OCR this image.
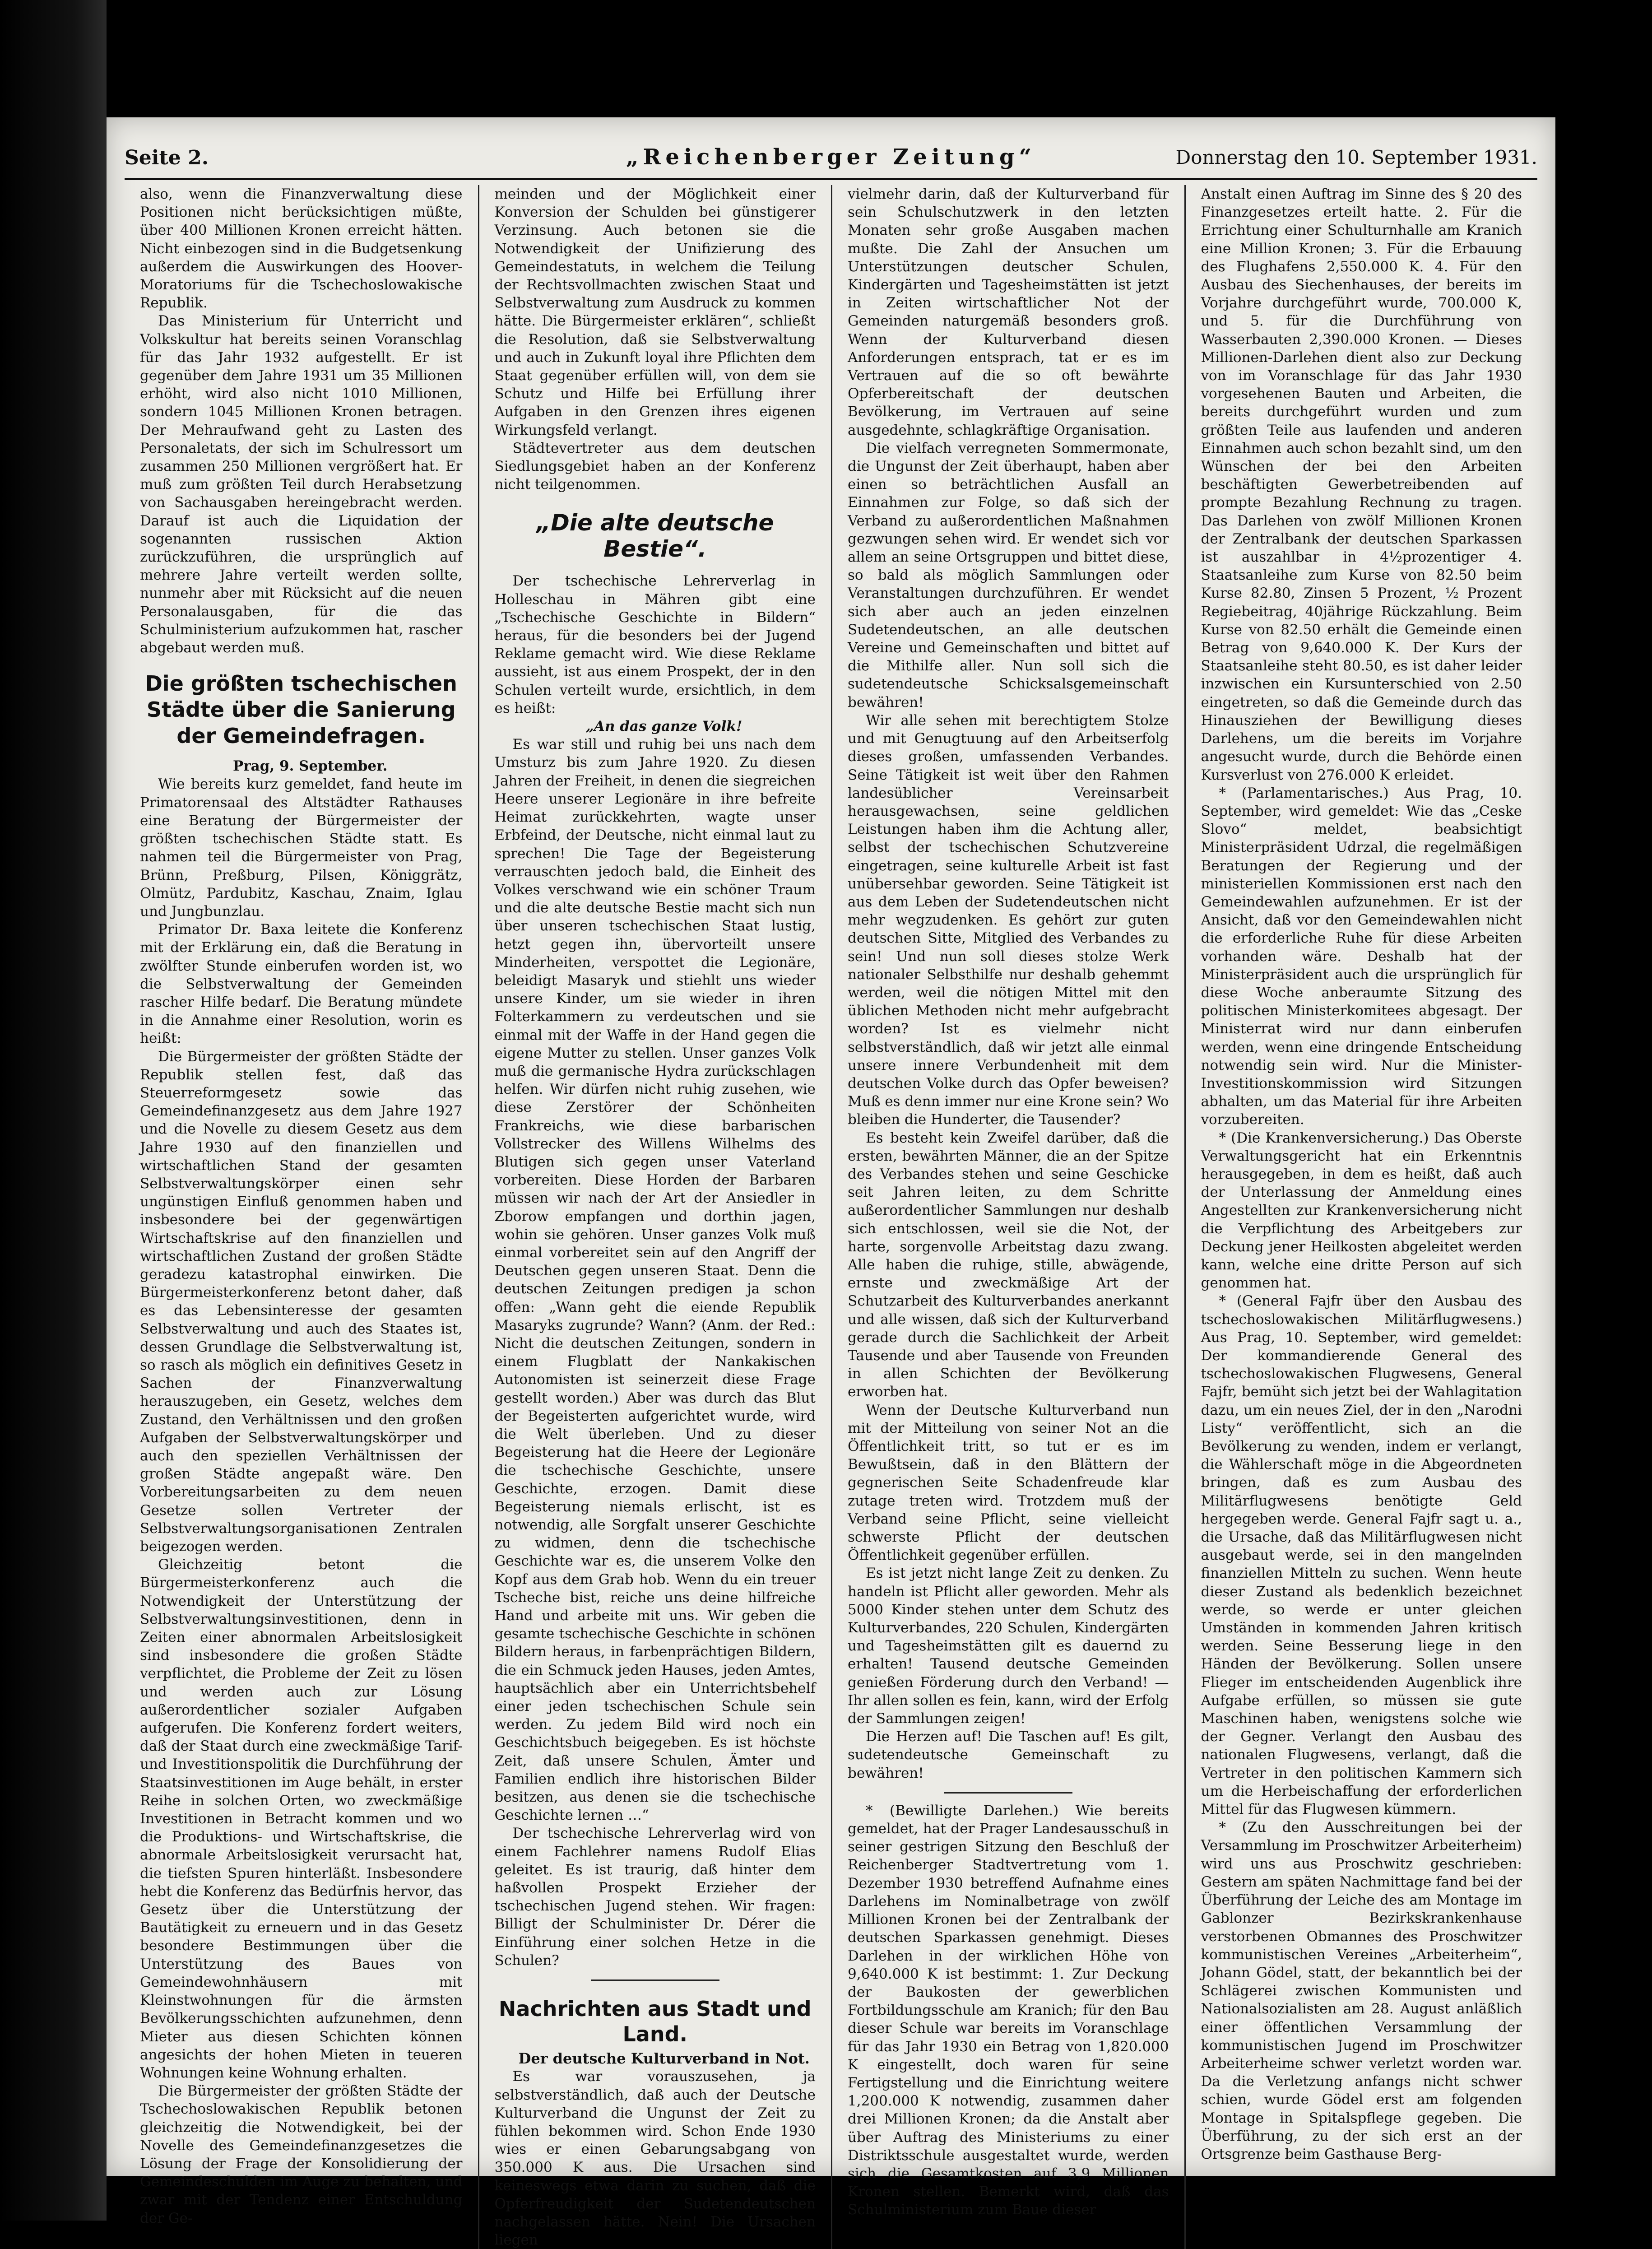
Seite 2.	„Reichenberger Zeitung“	Donnerstag den 10. September 1931.

also, wenn die Finanzverwaltung diese Positionen nicht berücksichtigen müßte, über 400 Millionen Kronen erreicht hätten. Nicht einbezogen sind in die Budgetsenkung außerdem die Auswirkungen des Hoover-Moratoriums für die Tschechoslowakische Republik.

Das Ministerium für Unterricht und Volkskultur hat bereits seinen Voranschlag für das Jahr 1932 aufgestellt. Er ist gegenüber dem Jahre 1931 um 35 Millionen erhöht, wird also nicht 1010 Millionen, sondern 1045 Millionen Kronen betragen. Der Mehraufwand geht zu Lasten des Personaletats, der sich im Schulressort um zusammen 250 Millionen vergrößert hat. Er muß zum größten Teil durch Herabsetzung von Sachausgaben hereingebracht werden. Darauf ist auch die Liquidation der sogenannten russischen Aktion zurückzuführen, die ursprünglich auf mehrere Jahre verteilt werden sollte, nunmehr aber mit Rücksicht auf die neuen Personalausgaben, für die das Schulministerium aufzukommen hat, rascher abgebaut werden muß.

Die größten tschechischen Städte über die Sanierung der Gemeindefragen.

Prag, 9. September.

Wie bereits kurz gemeldet, fand heute im Primatorensaal des Altstädter Rathauses eine Beratung der Bürgermeister der größten tschechischen Städte statt. Es nahmen teil die Bürgermeister von Prag, Brünn, Preßburg, Pilsen, Königgrätz, Olmütz, Pardubitz, Kaschau, Znaim, Iglau und Jungbunzlau.

Primator Dr. Baxa leitete die Konferenz mit der Erklärung ein, daß die Beratung in zwölfter Stunde einberufen worden ist, wo die Selbstverwaltung der Gemeinden rascher Hilfe bedarf. Die Beratung mündete in die Annahme einer Resolution, worin es heißt:

Die Bürgermeister der größten Städte der Republik stellen fest, daß das Steuerreformgesetz sowie das Gemeindefinanzgesetz aus dem Jahre 1927 und die Novelle zu diesem Gesetz aus dem Jahre 1930 auf den finanziellen und wirtschaftlichen Stand der gesamten Selbstverwaltungskörper einen sehr ungünstigen Einfluß genommen haben und insbesondere bei der gegenwärtigen Wirtschaftskrise auf den finanziellen und wirtschaftlichen Zustand der großen Städte geradezu katastrophal einwirken. Die Bürgermeisterkonferenz betont daher, daß es das Lebensinteresse der gesamten Selbstverwaltung und auch des Staates ist, dessen Grundlage die Selbstverwaltung ist, so rasch als möglich ein definitives Gesetz in Sachen der Finanzverwaltung herauszugeben, ein Gesetz, welches dem Zustand, den Verhältnissen und den großen Aufgaben der Selbstverwaltungskörper und auch den speziellen Verhältnissen der großen Städte angepaßt wäre. Den Vorbereitungsarbeiten zu dem neuen Gesetze sollen Vertreter der Selbstverwaltungsorganisationen Zentralen beigezogen werden.

Gleichzeitig betont die Bürgermeisterkonferenz auch die Notwendigkeit der Unterstützung der Selbstverwaltungsinvestitionen, denn in Zeiten einer abnormalen Arbeitslosigkeit sind insbesondere die großen Städte verpflichtet, die Probleme der Zeit zu lösen und werden auch zur Lösung außerordentlicher sozialer Aufgaben aufgerufen. Die Konferenz fordert weiters, daß der Staat durch eine zweckmäßige Tarif- und Investitionspolitik die Durchführung der Staatsinvestitionen im Auge behält, in erster Reihe in solchen Orten, wo zweckmäßige Investitionen in Betracht kommen und wo die Produktions- und Wirtschaftskrise, die abnormale Arbeitslosigkeit verursacht hat, die tiefsten Spuren hinterläßt. Insbesondere hebt die Konferenz das Bedürfnis hervor, das Gesetz über die Unterstützung der Bautätigkeit zu erneuern und in das Gesetz besondere Bestimmungen über die Unterstützung des Baues von Gemeindewohnhäusern mit Kleinstwohnungen für die ärmsten Bevölkerungsschichten aufzunehmen, denn Mieter aus diesen Schichten können angesichts der hohen Mieten in teueren Wohnungen keine Wohnung erhalten.

Die Bürgermeister der größten Städte der Tschechoslowakischen Republik betonen gleichzeitig die Notwendigkeit, bei der Novelle des Gemeindefinanzgesetzes die Lösung der Frage der Konsolidierung der Gemeindeschulden im Auge zu behalten, und zwar mit der Tendenz einer Entschuldung der Ge-

meinden und der Möglichkeit einer Konversion der Schulden bei günstigerer Verzinsung. Auch betonen sie die Notwendigkeit der Unifizierung des Gemeindestatuts, in welchem die Teilung der Rechtsvollmachten zwischen Staat und Selbstverwaltung zum Ausdruck zu kommen hätte. Die Bürgermeister erklären“, schließt die Resolution, daß sie Selbstverwaltung und auch in Zukunft loyal ihre Pflichten dem Staat gegenüber erfüllen will, von dem sie Schutz und Hilfe bei Erfüllung ihrer Aufgaben in den Grenzen ihres eigenen Wirkungsfeld verlangt.

Städtevertreter aus dem deutschen Siedlungsgebiet haben an der Konferenz nicht teilgenommen.

„Die alte deutsche Bestie“.

Der tschechische Lehrerverlag in Holleschau in Mähren gibt eine „Tschechische Geschichte in Bildern“ heraus, für die besonders bei der Jugend Reklame gemacht wird. Wie diese Reklame aussieht, ist aus einem Prospekt, der in den Schulen verteilt wurde, ersichtlich, in dem es heißt:

„An das ganze Volk!

Es war still und ruhig bei uns nach dem Umsturz bis zum Jahre 1920. Zu diesen Jahren der Freiheit, in denen die siegreichen Heere unserer Legionäre in ihre befreite Heimat zurückkehrten, wagte unser Erbfeind, der Deutsche, nicht einmal laut zu sprechen! Die Tage der Begeisterung verrauschten jedoch bald, die Einheit des Volkes verschwand wie ein schöner Traum und die alte deutsche Bestie macht sich nun über unseren tschechischen Staat lustig, hetzt gegen ihn, übervorteilt unsere Minderheiten, verspottet die Legionäre, beleidigt Masaryk und stiehlt uns wieder unsere Kinder, um sie wieder in ihren Folterkammern zu verdeutschen und sie einmal mit der Waffe in der Hand gegen die eigene Mutter zu stellen. Unser ganzes Volk muß die germanische Hydra zurückschlagen helfen. Wir dürfen nicht ruhig zusehen, wie diese Zerstörer der Schönheiten Frankreichs, wie diese barbarischen Vollstrecker des Willens Wilhelms des Blutigen sich gegen unser Vaterland vorbereiten. Diese Horden der Barbaren müssen wir nach der Art der Ansiedler in Zborow empfangen und dorthin jagen, wohin sie gehören. Unser ganzes Volk muß einmal vorbereitet sein auf den Angriff der Deutschen gegen unseren Staat. Denn die deutschen Zeitungen predigen ja schon offen: „Wann geht die eiende Republik Masaryks zugrunde? Wann? (Anm. der Red.: Nicht die deutschen Zeitungen, sondern in einem Flugblatt der Nankakischen Autonomisten ist seinerzeit diese Frage gestellt worden.) Aber was durch das Blut der Begeisterten aufgerichtet wurde, wird die Welt überleben. Und zu dieser Begeisterung hat die Heere der Legionäre die tschechische Geschichte, unsere Geschichte, erzogen. Damit diese Begeisterung niemals erlischt, ist es notwendig, alle Sorgfalt unserer Geschichte zu widmen, denn die tschechische Geschichte war es, die unserem Volke den Kopf aus dem Grab hob. Wenn du ein treuer Tscheche bist, reiche uns deine hilfreiche Hand und arbeite mit uns. Wir geben die gesamte tschechische Geschichte in schönen Bildern heraus, in farbenprächtigen Bildern, die ein Schmuck jeden Hauses, jeden Amtes, hauptsächlich aber ein Unterrichtsbehelf einer jeden tschechischen Schule sein werden. Zu jedem Bild wird noch ein Geschichtsbuch beigegeben. Es ist höchste Zeit, daß unsere Schulen, Ämter und Familien endlich ihre historischen Bilder besitzen, aus denen sie die tschechische Geschichte lernen …“

Der tschechische Lehrerverlag wird von einem Fachlehrer namens Rudolf Elias geleitet. Es ist traurig, daß hinter dem haßvollen Prospekt Erzieher der tschechischen Jugend stehen. Wir fragen: Billigt der Schulminister Dr. Dérer die Einführung einer solchen Hetze in die Schulen?

Nachrichten aus Stadt und Land.

Der deutsche Kulturverband in Not.

Es war vorauszusehen, ja selbstverständlich, daß auch der Deutsche Kulturverband die Ungunst der Zeit zu fühlen bekommen wird. Schon Ende 1930 wies er einen Gebarungsabgang von 350.000 K aus. Die Ursachen sind keineswegs etwa darin zu suchen, daß die Opferfreudigkeit der Sudetendeutschen nachgelassen hätte. Nein! Die Ursachen liegen

vielmehr darin, daß der Kulturverband für sein Schulschutzwerk in den letzten Monaten sehr große Ausgaben machen mußte. Die Zahl der Ansuchen um Unterstützungen deutscher Schulen, Kindergärten und Tagesheimstätten ist jetzt in Zeiten wirtschaftlicher Not der Gemeinden naturgemäß besonders groß. Wenn der Kulturverband diesen Anforderungen entsprach, tat er es im Vertrauen auf die so oft bewährte Opferbereitschaft der deutschen Bevölkerung, im Vertrauen auf seine ausgedehnte, schlagkräftige Organisation.

Die vielfach verregneten Sommermonate, die Ungunst der Zeit überhaupt, haben aber einen so beträchtlichen Ausfall an Einnahmen zur Folge, so daß sich der Verband zu außerordentlichen Maßnahmen gezwungen sehen wird. Er wendet sich vor allem an seine Ortsgruppen und bittet diese, so bald als möglich Sammlungen oder Veranstaltungen durchzuführen. Er wendet sich aber auch an jeden einzelnen Sudetendeutschen, an alle deutschen Vereine und Gemeinschaften und bittet auf die Mithilfe aller. Nun soll sich die sudetendeutsche Schicksalsgemeinschaft bewähren!

Wir alle sehen mit berechtigtem Stolze und mit Genugtuung auf den Arbeitserfolg dieses großen, umfassenden Verbandes. Seine Tätigkeit ist weit über den Rahmen landesüblicher Vereinsarbeit herausgewachsen, seine geldlichen Leistungen haben ihm die Achtung aller, selbst der tschechischen Schutzvereine eingetragen, seine kulturelle Arbeit ist fast unübersehbar geworden. Seine Tätigkeit ist aus dem Leben der Sudetendeutschen nicht mehr wegzudenken. Es gehört zur guten deutschen Sitte, Mitglied des Verbandes zu sein! Und nun soll dieses stolze Werk nationaler Selbsthilfe nur deshalb gehemmt werden, weil die nötigen Mittel mit den üblichen Methoden nicht mehr aufgebracht worden? Ist es vielmehr nicht selbstverständlich, daß wir jetzt alle einmal unsere innere Verbundenheit mit dem deutschen Volke durch das Opfer beweisen? Muß es denn immer nur eine Krone sein? Wo bleiben die Hunderter, die Tausender?

Es besteht kein Zweifel darüber, daß die ersten, bewährten Männer, die an der Spitze des Verbandes stehen und seine Geschicke seit Jahren leiten, zu dem Schritte außerordentlicher Sammlungen nur deshalb sich entschlossen, weil sie die Not, der harte, sorgenvolle Arbeitstag dazu zwang. Alle haben die ruhige, stille, abwägende, ernste und zweckmäßige Art der Schutzarbeit des Kulturverbandes anerkannt und alle wissen, daß sich der Kulturverband gerade durch die Sachlichkeit der Arbeit Tausende und aber Tausende von Freunden in allen Schichten der Bevölkerung erworben hat.

Wenn der Deutsche Kulturverband nun mit der Mitteilung von seiner Not an die Öffentlichkeit tritt, so tut er es im Bewußtsein, daß in den Blättern der gegnerischen Seite Schadenfreude klar zutage treten wird. Trotzdem muß der Verband seine Pflicht, seine vielleicht schwerste Pflicht der deutschen Öffentlichkeit gegenüber erfüllen.

Es ist jetzt nicht lange Zeit zu denken. Zu handeln ist Pflicht aller geworden. Mehr als 5000 Kinder stehen unter dem Schutz des Kulturverbandes, 220 Schulen, Kindergärten und Tagesheimstätten gilt es dauernd zu erhalten! Tausend deutsche Gemeinden genießen Förderung durch den Verband! — Ihr allen sollen es fein, kann, wird der Erfolg der Sammlungen zeigen!

Die Herzen auf! Die Taschen auf! Es gilt, sudetendeutsche Gemeinschaft zu bewähren!

* (Bewilligte Darlehen.) Wie bereits gemeldet, hat der Prager Landesausschuß in seiner gestrigen Sitzung den Beschluß der Reichenberger Stadtvertretung vom 1. Dezember 1930 betreffend Aufnahme eines Darlehens im Nominalbetrage von zwölf Millionen Kronen bei der Zentralbank der deutschen Sparkassen genehmigt. Dieses Darlehen in der wirklichen Höhe von 9,640.000 K ist bestimmt: 1. Zur Deckung der Baukosten der gewerblichen Fortbildungsschule am Kranich; für den Bau dieser Schule war bereits im Voranschlage für das Jahr 1930 ein Betrag von 1,820.000 K eingestellt, doch waren für seine Fertigstellung und die Einrichtung weitere 1,200.000 K notwendig, zusammen daher drei Millionen Kronen; da die Anstalt aber über Auftrag des Ministeriums zu einer Distriktsschule ausgestaltet wurde, werden sich die Gesamtkosten auf 3,9 Millionen Kronen stellen. Bemerkt wird, daß das Schulministerium zum Baue dieser

Anstalt einen Auftrag im Sinne des § 20 des Finanzgesetzes erteilt hatte. 2. Für die Errichtung einer Schulturnhalle am Kranich eine Million Kronen; 3. Für die Erbauung des Flughafens 2,550.000 K. 4. Für den Ausbau des Siechenhauses, der bereits im Vorjahre durchgeführt wurde, 700.000 K, und 5. für die Durchführung von Wasserbauten 2,390.000 Kronen. — Dieses Millionen-Darlehen dient also zur Deckung von im Voranschlage für das Jahr 1930 vorgesehenen Bauten und Arbeiten, die bereits durchgeführt wurden und zum größten Teile aus laufenden und anderen Einnahmen auch schon bezahlt sind, um den Wünschen der bei den Arbeiten beschäftigten Gewerbetreibenden auf prompte Bezahlung Rechnung zu tragen. Das Darlehen von zwölf Millionen Kronen der Zentralbank der deutschen Sparkassen ist auszahlbar in 4½prozentiger 4. Staatsanleihe zum Kurse von 82.50 beim Kurse 82.80, Zinsen 5 Prozent, ½ Prozent Regiebeitrag, 40jährige Rückzahlung. Beim Kurse von 82.50 erhält die Gemeinde einen Betrag von 9,640.000 K. Der Kurs der Staatsanleihe steht 80.50, es ist daher leider inzwischen ein Kursunterschied von 2.50 eingetreten, so daß die Gemeinde durch das Hinausziehen der Bewilligung dieses Darlehens, um die bereits im Vorjahre angesucht wurde, durch die Behörde einen Kursverlust von 276.000 K erleidet.

* (Parlamentarisches.) Aus Prag, 10. September, wird gemeldet: Wie das „Ceske Slovo“ meldet, beabsichtigt Ministerpräsident Udrzal, die regelmäßigen Beratungen der Regierung und der ministeriellen Kommissionen erst nach den Gemeindewahlen aufzunehmen. Er ist der Ansicht, daß vor den Gemeindewahlen nicht die erforderliche Ruhe für diese Arbeiten vorhanden wäre. Deshalb hat der Ministerpräsident auch die ursprünglich für diese Woche anberaumte Sitzung des politischen Ministerkomitees abgesagt. Der Ministerrat wird nur dann einberufen werden, wenn eine dringende Entscheidung notwendig sein wird. Nur die Minister-Investitionskommission wird Sitzungen abhalten, um das Material für ihre Arbeiten vorzubereiten.

* (Die Krankenversicherung.) Das Oberste Verwaltungsgericht hat ein Erkenntnis herausgegeben, in dem es heißt, daß auch der Unterlassung der Anmeldung eines Angestellten zur Krankenversicherung nicht die Verpflichtung des Arbeitgebers zur Deckung jener Heilkosten abgeleitet werden kann, welche eine dritte Person auf sich genommen hat.

* (General Fajfr über den Ausbau des tschechoslowakischen Militärflugwesens.) Aus Prag, 10. September, wird gemeldet: Der kommandierende General des tschechoslowakischen Flugwesens, General Fajfr, bemüht sich jetzt bei der Wahlagitation dazu, um ein neues Ziel, der in den „Narodni Listy“ veröffentlicht, sich an die Bevölkerung zu wenden, indem er verlangt, die Wählerschaft möge in die Abgeordneten bringen, daß es zum Ausbau des Militärflugwesens benötigte Geld hergegeben werde. General Fajfr sagt u. a., die Ursache, daß das Militärflugwesen nicht ausgebaut werde, sei in den mangelnden finanziellen Mitteln zu suchen. Wenn heute dieser Zustand als bedenklich bezeichnet werde, so werde er unter gleichen Umständen in kommenden Jahren kritisch werden. Seine Besserung liege in den Händen der Bevölkerung. Sollen unsere Flieger im entscheidenden Augenblick ihre Aufgabe erfüllen, so müssen sie gute Maschinen haben, wenigstens solche wie der Gegner. Verlangt den Ausbau des nationalen Flugwesens, verlangt, daß die Vertreter in den politischen Kammern sich um die Herbeischaffung der erforderlichen Mittel für das Flugwesen kümmern.

* (Zu den Ausschreitungen bei der Versammlung im Proschwitzer Arbeiterheim) wird uns aus Proschwitz geschrieben: Gestern am späten Nachmittage fand bei der Überführung der Leiche des am Montage im Gablonzer Bezirkskrankenhause verstorbenen Obmannes des Proschwitzer kommunistischen Vereines „Arbeiterheim“, Johann Gödel, statt, der bekanntlich bei der Schlägerei zwischen Kommunisten und Nationalsozialisten am 28. August anläßlich einer öffentlichen Versammlung der kommunistischen Jugend im Proschwitzer Arbeiterheime schwer verletzt worden war. Da die Verletzung anfangs nicht schwer schien, wurde Gödel erst am folgenden Montage in Spitalspflege gegeben. Die Überführung, zu der sich erst an der Ortsgrenze beim Gasthause Berg-
